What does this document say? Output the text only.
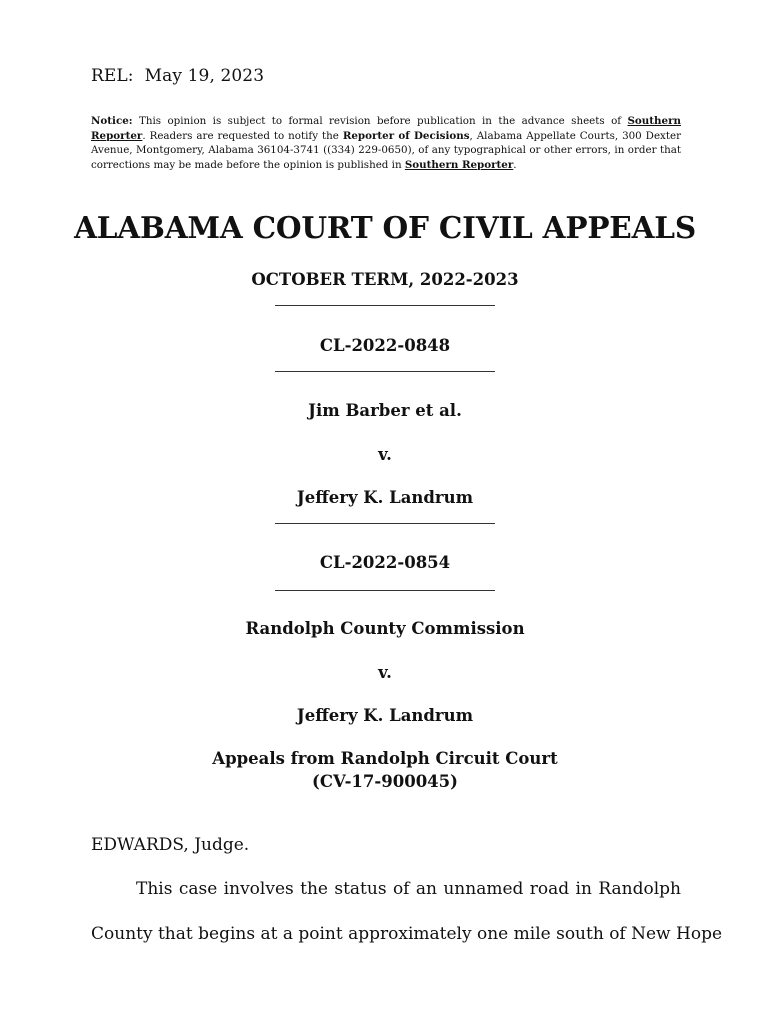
REL: May 19, 2023
Notice: This opinion is subject to formal revision before publication in the advance sheets of Southern Reporter. Readers are requested to notify the Reporter of Decisions, Alabama Appellate Courts, 300 Dexter Avenue, Montgomery, Alabama 36104-3741 ((334) 229-0650), of any typographical or other errors, in order that corrections may be made before the opinion is published in Southern Reporter.
ALABAMA COURT OF CIVIL APPEALS
OCTOBER TERM, 2022-2023
CL-2022-0848
Jim Barber et al.
v.
Jeffery K. Landrum
CL-2022-0854
Randolph County Commission
v.
Jeffery K. Landrum
Appeals from Randolph Circuit Court
(CV-17-900045)
EDWARDS, Judge.
This case involves the status of an unnamed road in Randolph
County that begins at a point approximately one mile south of New Hope
